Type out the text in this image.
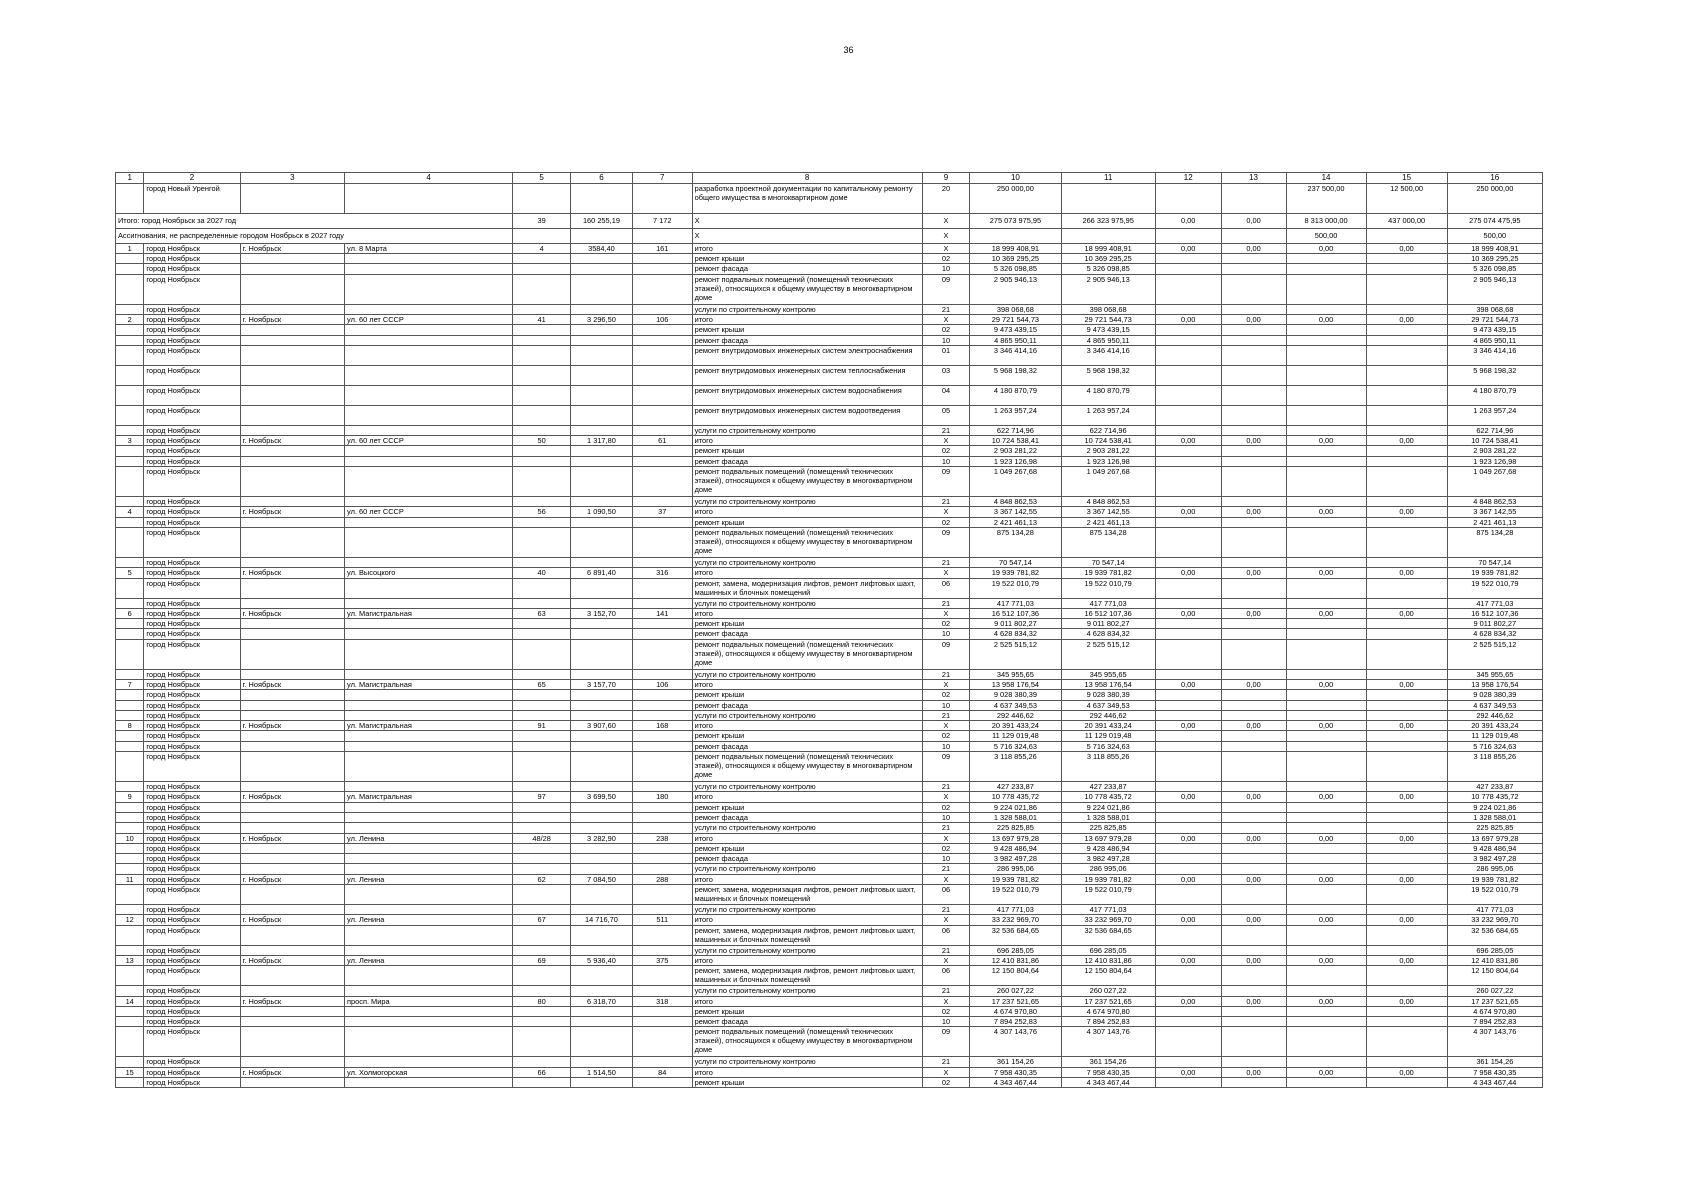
36
1	2	3	4	5	6	7	8	9	10	11	12	13	14	15	16
	город Новый Уренгой						разработка проектной документации по капитальному ремонту общего имущества в многоквартирном доме	20	250 000,00				237 500,00	12 500,00	250 000,00
Итого: город Ноябрьск за 2027 год				39	160 255,19	7 172	X	X	275 073 975,95	266 323 975,95	0,00	0,00	8 313 000,00	437 000,00	275 074 475,95
Ассигнования, не распределенные городом Ноябрьск в 2027 году							X	X					500,00		500,00
1	город Ноябрьск	г. Ноябрьск	ул. 8 Марта	4	3584,40	161	итого	X	18 999 408,91	18 999 408,91	0,00	0,00	0,00	0,00	18 999 408,91
	город Ноябрьск						ремонт крыши	02	10 369 295,25	10 369 295,25					10 369 295,25
	город Ноябрьск						ремонт фасада	10	5 326 098,85	5 326 098,85					5 326 098,85
	город Ноябрьск						ремонт подвальных помещений (помещений технических этажей), относящихся к общему имуществу в многоквартирном доме	09	2 905 946,13	2 905 946,13					2 905 946,13
	город Ноябрьск						услуги по строительному контролю	21	398 068,68	398 068,68					398 068,68
2	город Ноябрьск	г. Ноябрьск	ул. 60 лет СССР	41	3 296,50	106	итого	X	29 721 544,73	29 721 544,73	0,00	0,00	0,00	0,00	29 721 544,73
	город Ноябрьск						ремонт крыши	02	9 473 439,15	9 473 439,15					9 473 439,15
	город Ноябрьск						ремонт фасада	10	4 865 950,11	4 865 950,11					4 865 950,11
	город Ноябрьск						ремонт внутридомовых инженерных систем электроснабжения	01	3 346 414,16	3 346 414,16					3 346 414,16
	город Ноябрьск						ремонт внутридомовых инженерных систем теплоснабжения	03	5 968 198,32	5 968 198,32					5 968 198,32
	город Ноябрьск						ремонт внутридомовых инженерных систем водоснабжения	04	4 180 870,79	4 180 870,79					4 180 870,79
	город Ноябрьск						ремонт внутридомовых инженерных систем водоотведения	05	1 263 957,24	1 263 957,24					1 263 957,24
	город Ноябрьск						услуги по строительному контролю	21	622 714,96	622 714,96					622 714,96
3	город Ноябрьск	г. Ноябрьск	ул. 60 лет СССР	50	1 317,80	61	итого	X	10 724 538,41	10 724 538,41	0,00	0,00	0,00	0,00	10 724 538,41
	город Ноябрьск						ремонт крыши	02	2 903 281,22	2 903 281,22					2 903 281,22
	город Ноябрьск						ремонт фасада	10	1 923 126,98	1 923 126,98					1 923 126,98
	город Ноябрьск						ремонт подвальных помещений (помещений технических этажей), относящихся к общему имуществу в многоквартирном доме	09	1 049 267,68	1 049 267,68					1 049 267,68
	город Ноябрьск						услуги по строительному контролю	21	4 848 862,53	4 848 862,53					4 848 862,53
4	город Ноябрьск	г. Ноябрьск	ул. 60 лет СССР	56	1 090,50	37	итого	X	3 367 142,55	3 367 142,55	0,00	0,00	0,00	0,00	3 367 142,55
	город Ноябрьск						ремонт крыши	02	2 421 461,13	2 421 461,13					2 421 461,13
	город Ноябрьск						ремонт подвальных помещений (помещений технических этажей), относящихся к общему имуществу в многоквартирном доме	09	875 134,28	875 134,28					875 134,28
	город Ноябрьск						услуги по строительному контролю	21	70 547,14	70 547,14					70 547,14
5	город Ноябрьск	г. Ноябрьск	ул. Высоцкого	40	6 891,40	316	итого	X	19 939 781,82	19 939 781,82	0,00	0,00	0,00	0,00	19 939 781,82
	город Ноябрьск						ремонт, замена, модернизация лифтов, ремонт лифтовых шахт, машинных и блочных помещений	06	19 522 010,79	19 522 010,79					19 522 010,79
	город Ноябрьск						услуги по строительному контролю	21	417 771,03	417 771,03					417 771,03
6	город Ноябрьск	г. Ноябрьск	ул. Магистральная	63	3 152,70	141	итого	X	16 512 107,36	16 512 107,36	0,00	0,00	0,00	0,00	16 512 107,36
	город Ноябрьск						ремонт крыши	02	9 011 802,27	9 011 802,27					9 011 802,27
	город Ноябрьск						ремонт фасада	10	4 628 834,32	4 628 834,32					4 628 834,32
	город Ноябрьск						ремонт подвальных помещений (помещений технических этажей), относящихся к общему имуществу в многоквартирном доме	09	2 525 515,12	2 525 515,12					2 525 515,12
	город Ноябрьск						услуги по строительному контролю	21	345 955,65	345 955,65					345 955,65
7	город Ноябрьск	г. Ноябрьск	ул. Магистральная	65	3 157,70	106	итого	X	13 958 176,54	13 958 176,54	0,00	0,00	0,00	0,00	13 958 176,54
	город Ноябрьск						ремонт крыши	02	9 028 380,39	9 028 380,39					9 028 380,39
	город Ноябрьск						ремонт фасада	10	4 637 349,53	4 637 349,53					4 637 349,53
	город Ноябрьск						услуги по строительному контролю	21	292 446,62	292 446,62					292 446,62
8	город Ноябрьск	г. Ноябрьск	ул. Магистральная	91	3 907,60	168	итого	X	20 391 433,24	20 391 433,24	0,00	0,00	0,00	0,00	20 391 433,24
	город Ноябрьск						ремонт крыши	02	11 129 019,48	11 129 019,48					11 129 019,48
	город Ноябрьск						ремонт фасада	10	5 716 324,63	5 716 324,63					5 716 324,63
	город Ноябрьск						ремонт подвальных помещений (помещений технических этажей), относящихся к общему имуществу в многоквартирном доме	09	3 118 855,26	3 118 855,26					3 118 855,26
	город Ноябрьск						услуги по строительному контролю	21	427 233,87	427 233,87					427 233,87
9	город Ноябрьск	г. Ноябрьск	ул. Магистральная	97	3 699,50	180	итого	X	10 778 435,72	10 778 435,72	0,00	0,00	0,00	0,00	10 778 435,72
	город Ноябрьск						ремонт крыши	02	9 224 021,86	9 224 021,86					9 224 021,86
	город Ноябрьск						ремонт фасада	10	1 328 588,01	1 328 588,01					1 328 588,01
	город Ноябрьск						услуги по строительному контролю	21	225 825,85	225 825,85					225 825,85
10	город Ноябрьск	г. Ноябрьск	ул. Ленина	48/28	3 282,90	238	итого	X	13 697 979,28	13 697 979,28	0,00	0,00	0,00	0,00	13 697 979,28
	город Ноябрьск						ремонт крыши	02	9 428 486,94	9 428 486,94					9 428 486,94
	город Ноябрьск						ремонт фасада	10	3 982 497,28	3 982 497,28					3 982 497,28
	город Ноябрьск						услуги по строительному контролю	21	286 995,06	286 995,06					286 995,06
11	город Ноябрьск	г. Ноябрьск	ул. Ленина	62	7 084,50	288	итого	X	19 939 781,82	19 939 781,82	0,00	0,00	0,00	0,00	19 939 781,82
	город Ноябрьск						ремонт, замена, модернизация лифтов, ремонт лифтовых шахт, машинных и блочных помещений	06	19 522 010,79	19 522 010,79					19 522 010,79
	город Ноябрьск						услуги по строительному контролю	21	417 771,03	417 771,03					417 771,03
12	город Ноябрьск	г. Ноябрьск	ул. Ленина	67	14 716,70	511	итого	X	33 232 969,70	33 232 969,70	0,00	0,00	0,00	0,00	33 232 969,70
	город Ноябрьск						ремонт, замена, модернизация лифтов, ремонт лифтовых шахт, машинных и блочных помещений	06	32 536 684,65	32 536 684,65					32 536 684,65
	город Ноябрьск						услуги по строительному контролю	21	696 285,05	696 285,05					696 285,05
13	город Ноябрьск	г. Ноябрьск	ул. Ленина	69	5 936,40	375	итого	X	12 410 831,86	12 410 831,86	0,00	0,00	0,00	0,00	12 410 831,86
	город Ноябрьск						ремонт, замена, модернизация лифтов, ремонт лифтовых шахт, машинных и блочных помещений	06	12 150 804,64	12 150 804,64					12 150 804,64
	город Ноябрьск						услуги по строительному контролю	21	260 027,22	260 027,22					260 027,22
14	город Ноябрьск	г. Ноябрьск	просп. Мира	80	6 318,70	318	итого	X	17 237 521,65	17 237 521,65	0,00	0,00	0,00	0,00	17 237 521,65
	город Ноябрьск						ремонт крыши	02	4 674 970,80	4 674 970,80					4 674 970,80
	город Ноябрьск						ремонт фасада	10	7 894 252,83	7 894 252,83					7 894 252,83
	город Ноябрьск						ремонт подвальных помещений (помещений технических этажей), относящихся к общему имуществу в многоквартирном доме	09	4 307 143,76	4 307 143,76					4 307 143,76
	город Ноябрьск						услуги по строительному контролю	21	361 154,26	361 154,26					361 154,26
15	город Ноябрьск	г. Ноябрьск	ул. Холмогорская	66	1 514,50	84	итого	X	7 958 430,35	7 958 430,35	0,00	0,00	0,00	0,00	7 958 430,35
	город Ноябрьск						ремонт крыши	02	4 343 467,44	4 343 467,44					4 343 467,44
